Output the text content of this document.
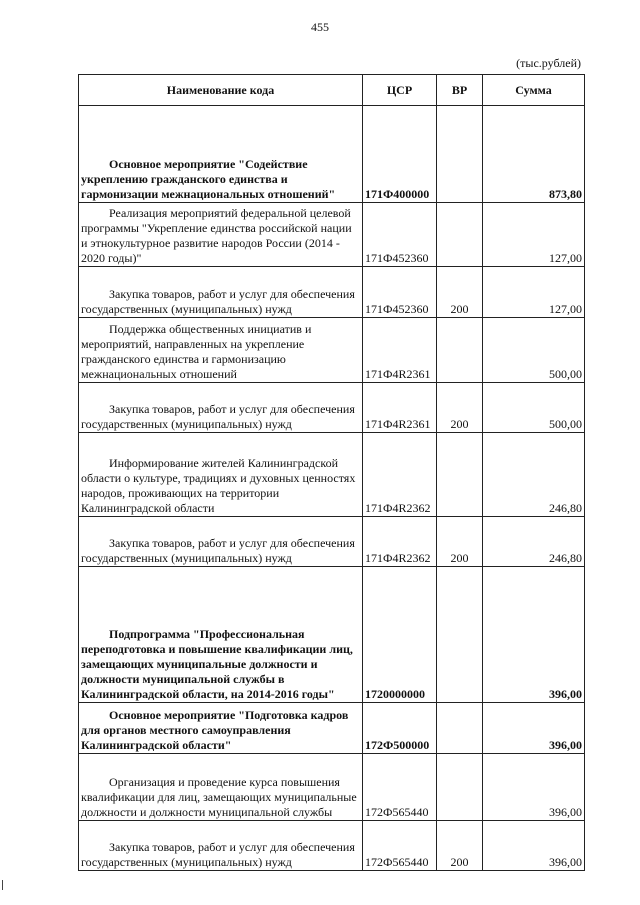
455
(тыс.рублей)
Наименование кода	ЦСР	ВР	Сумма
Основное мероприятие "Содействие укреплению гражданского единства и гармонизации межнациональных отношений"	171Ф400000		873,80
Реализация мероприятий федеральной целевой программы "Укрепление единства российской нации и этнокультурное развитие народов России (2014 - 2020 годы)"	171Ф452360		127,00
Закупка товаров, работ и услуг для обеспечения государственных (муниципальных) нужд	171Ф452360	200	127,00
Поддержка общественных инициатив и мероприятий, направленных на укрепление гражданского единства и гармонизацию межнациональных отношений	171Ф4R2361		500,00
Закупка товаров, работ и услуг для обеспечения государственных (муниципальных) нужд	171Ф4R2361	200	500,00
Информирование жителей Калининградской области о культуре, традициях и духовных ценностях народов, проживающих на территории Калининградской области	171Ф4R2362		246,80
Закупка товаров, работ и услуг для обеспечения государственных (муниципальных) нужд	171Ф4R2362	200	246,80
Подпрограмма "Профессиональная переподготовка и повышение квалификации лиц, замещающих муниципальные должности и должности муниципальной службы в Калининградской области, на 2014-2016 годы"	1720000000		396,00
Основное мероприятие "Подготовка кадров для органов местного самоуправления Калининградской области"	172Ф500000		396,00
Организация и проведение курса повышения квалификации для лиц, замещающих муниципальные должности и должности муниципальной службы	172Ф565440		396,00
Закупка товаров, работ и услуг для обеспечения государственных (муниципальных) нужд	172Ф565440	200	396,00
